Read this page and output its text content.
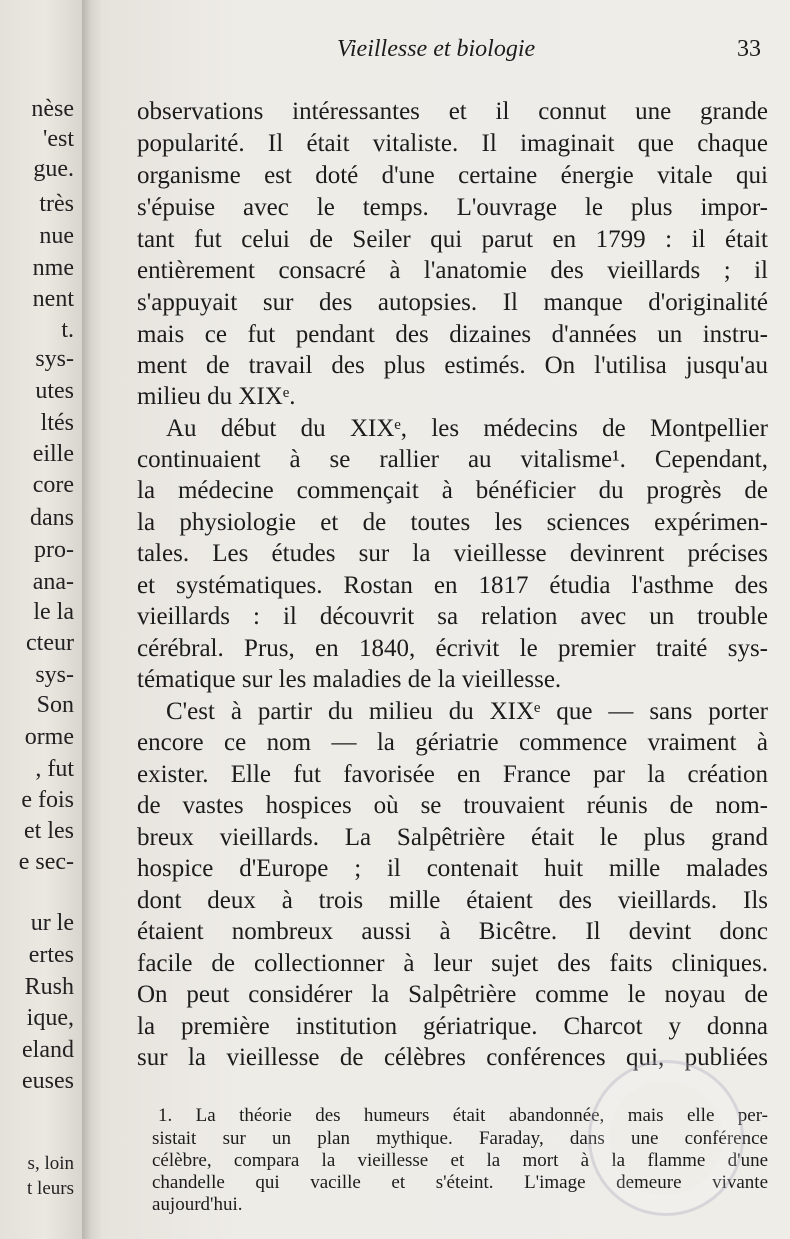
nèse
'est
gue.
très
nue
nme
nent
t.
sys-
utes
ltés
eille
core
dans
pro-
ana-
le la
cteur
sys-
Son
orme
, fut
e fois
et les
e sec-
ur le
ertes
Rush
ique,
eland
euses
s, loin
t leurs
Vieillesse et biologie	33
observations intéressantes et il connut une grande
popularité. Il était vitaliste. Il imaginait que chaque
organisme est doté d'une certaine énergie vitale qui
s'épuise avec le temps. L'ouvrage le plus impor-
tant fut celui de Seiler qui parut en 1799 : il était
entièrement consacré à l'anatomie des vieillards ; il
s'appuyait sur des autopsies. Il manque d'originalité
mais ce fut pendant des dizaines d'années un instru-
ment de travail des plus estimés. On l'utilisa jusqu'au
milieu du XIXᵉ.
Au début du XIXᵉ, les médecins de Montpellier
continuaient à se rallier au vitalisme¹. Cependant,
la médecine commençait à bénéficier du progrès de
la physiologie et de toutes les sciences expérimen-
tales. Les études sur la vieillesse devinrent précises
et systématiques. Rostan en 1817 étudia l'asthme des
vieillards : il découvrit sa relation avec un trouble
cérébral. Prus, en 1840, écrivit le premier traité sys-
tématique sur les maladies de la vieillesse.
C'est à partir du milieu du XIXᵉ que — sans porter
encore ce nom — la gériatrie commence vraiment à
exister. Elle fut favorisée en France par la création
de vastes hospices où se trouvaient réunis de nom-
breux vieillards. La Salpêtrière était le plus grand
hospice d'Europe ; il contenait huit mille malades
dont deux à trois mille étaient des vieillards. Ils
étaient nombreux aussi à Bicêtre. Il devint donc
facile de collectionner à leur sujet des faits cliniques.
On peut considérer la Salpêtrière comme le noyau de
la première institution gériatrique. Charcot y donna
sur la vieillesse de célèbres conférences qui, publiées
1. La théorie des humeurs était abandonnée, mais elle per-
sistait sur un plan mythique. Faraday, dans une conférence
célèbre, compara la vieillesse et la mort à la flamme d'une
chandelle qui vacille et s'éteint. L'image demeure vivante
aujourd'hui.
